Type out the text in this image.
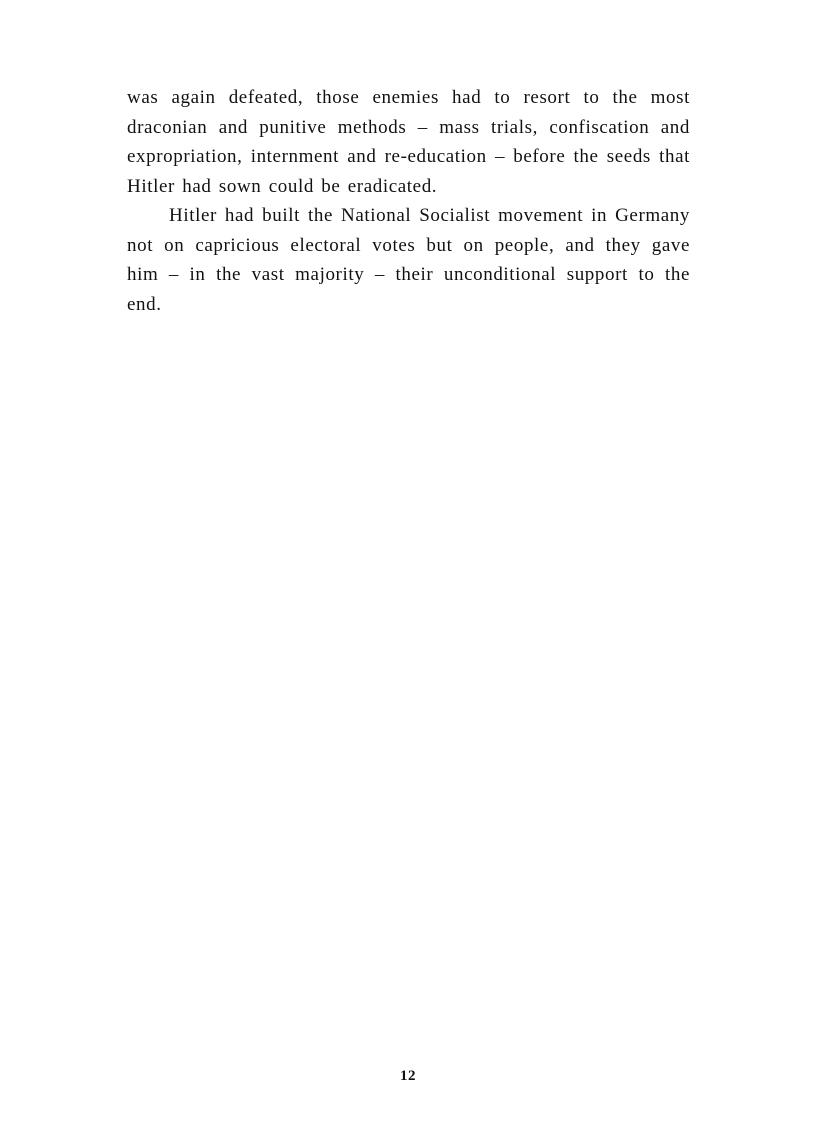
was again defeated, those enemies had to resort to the most draconian and punitive methods – mass trials, confiscation and expropriation, internment and re-education – before the seeds that Hitler had sown could be eradicated.

Hitler had built the National Socialist movement in Germany not on capricious electoral votes but on people, and they gave him – in the vast majority – their unconditional support to the end.

12
